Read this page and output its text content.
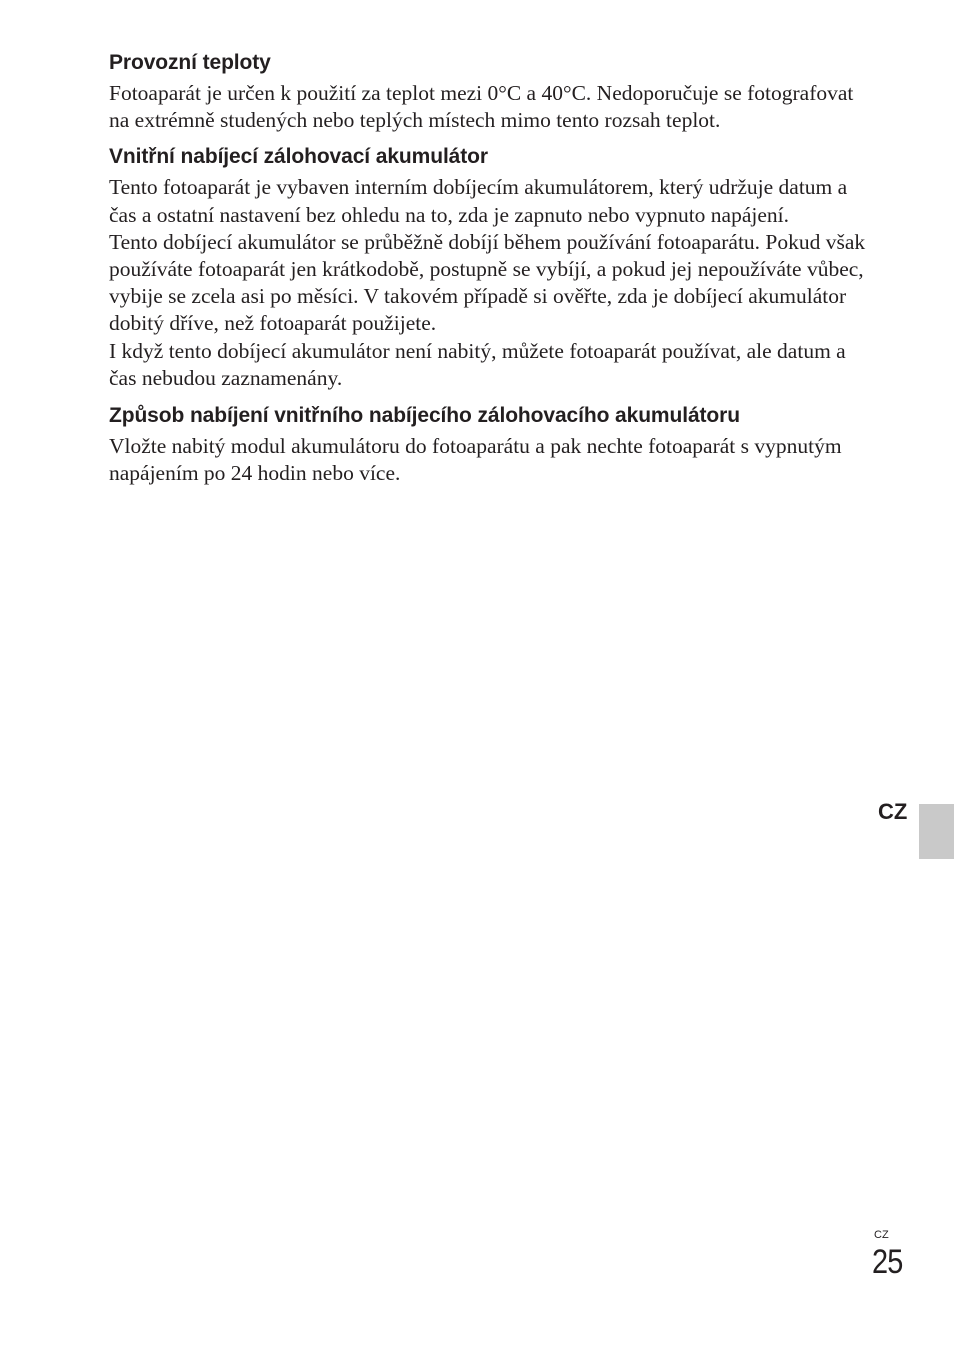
Provozní teploty

Fotoaparát je určen k použití za teplot mezi 0°C a 40°C. Nedoporučuje se fotografovat na extrémně studených nebo teplých místech mimo tento rozsah teplot.

Vnitřní nabíjecí zálohovací akumulátor

Tento fotoaparát je vybaven interním dobíjecím akumulátorem, který udržuje datum a čas a ostatní nastavení bez ohledu na to, zda je zapnuto nebo vypnuto napájení.

Tento dobíjecí akumulátor se průběžně dobíjí během používání fotoaparátu. Pokud však používáte fotoaparát jen krátkodobě, postupně se vybíjí, a pokud jej nepoužíváte vůbec, vybije se zcela asi po měsíci. V takovém případě si ověřte, zda je dobíjecí akumulátor dobitý dříve, než fotoaparát použijete.

I když tento dobíjecí akumulátor není nabitý, můžete fotoaparát používat, ale datum a čas nebudou zaznamenány.

Způsob nabíjení vnitřního nabíjecího zálohovacího akumulátoru

Vložte nabitý modul akumulátoru do fotoaparátu a pak nechte fotoaparát s vypnutým napájením po 24 hodin nebo více.

CZ
CZ
25
